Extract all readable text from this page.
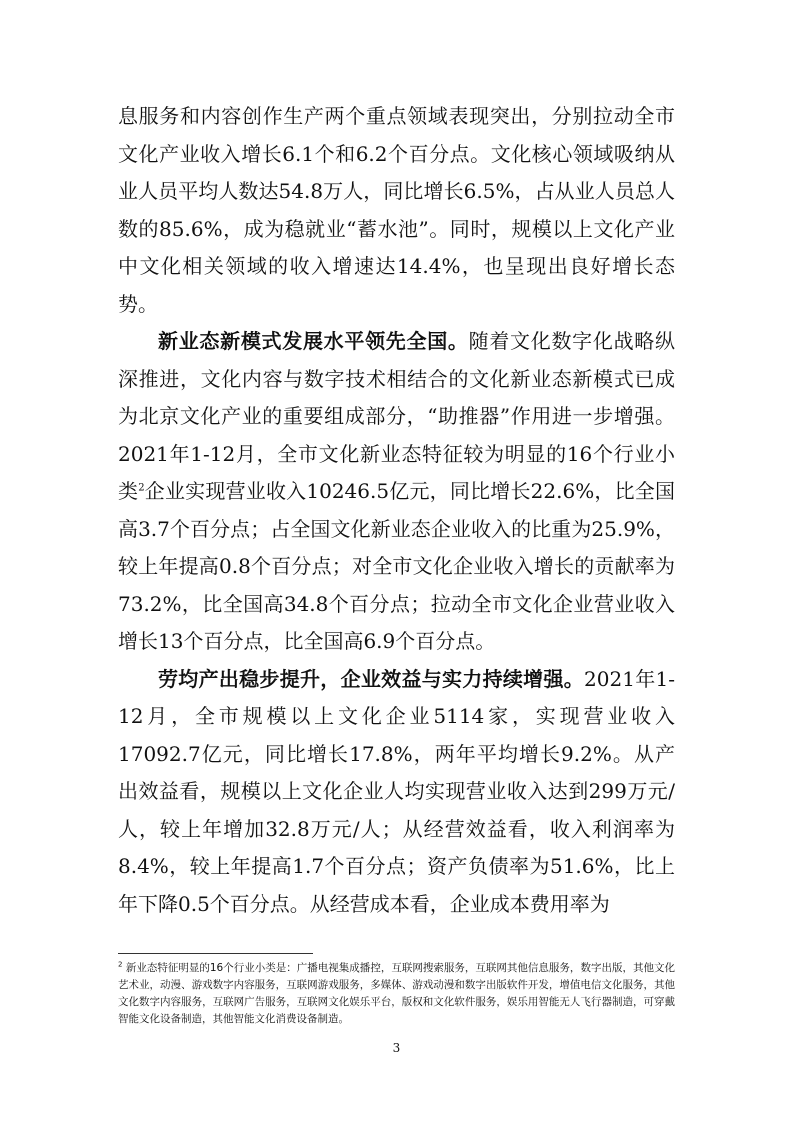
息服务和内容创作生产两个重点领域表现突出，分别拉动全市文化产业收入增长6.1个和6.2个百分点。文化核心领域吸纳从业人员平均人数达54.8万人，同比增长6.5%，占从业人员总人数的85.6%，成为稳就业“蓄水池”。同时，规模以上文化产业中文化相关领域的收入增速达14.4%，也呈现出良好增长态势。

新业态新模式发展水平领先全国。随着文化数字化战略纵深推进，文化内容与数字技术相结合的文化新业态新模式已成为北京文化产业的重要组成部分，“助推器”作用进一步增强。2021年1-12月，全市文化新业态特征较为明显的16个行业小类$^2$企业实现营业收入10246.5亿元，同比增长22.6%，比全国高3.7个百分点；占全国文化新业态企业收入的比重为25.9%，较上年提高0.8个百分点；对全市文化企业收入增长的贡献率为73.2%，比全国高34.8个百分点；拉动全市文化企业营业收入增长13个百分点，比全国高6.9个百分点。

劳均产出稳步提升，企业效益与实力持续增强。2021年1-12月，全市规模以上文化企业5114家，实现营业收入17092.7亿元，同比增长17.8%，两年平均增长9.2%。从产出效益看，规模以上文化企业人均实现营业收入达到299万元/人，较上年增加32.8万元/人；从经营效益看，收入利润率为8.4%，较上年提高1.7个百分点；资产负债率为51.6%，比上年下降0.5个百分点。从经营成本看，企业成本费用率为

$^2$ 新业态特征明显的16个行业小类是：广播电视集成播控，互联网搜索服务，互联网其他信息服务，数字出版，其他文化艺术业，动漫、游戏数字内容服务，互联网游戏服务，多媒体、游戏动漫和数字出版软件开发，增值电信文化服务，其他文化数字内容服务，互联网广告服务，互联网文化娱乐平台，版权和文化软件服务，娱乐用智能无人飞行器制造，可穿戴智能文化设备制造，其他智能文化消费设备制造。
3
